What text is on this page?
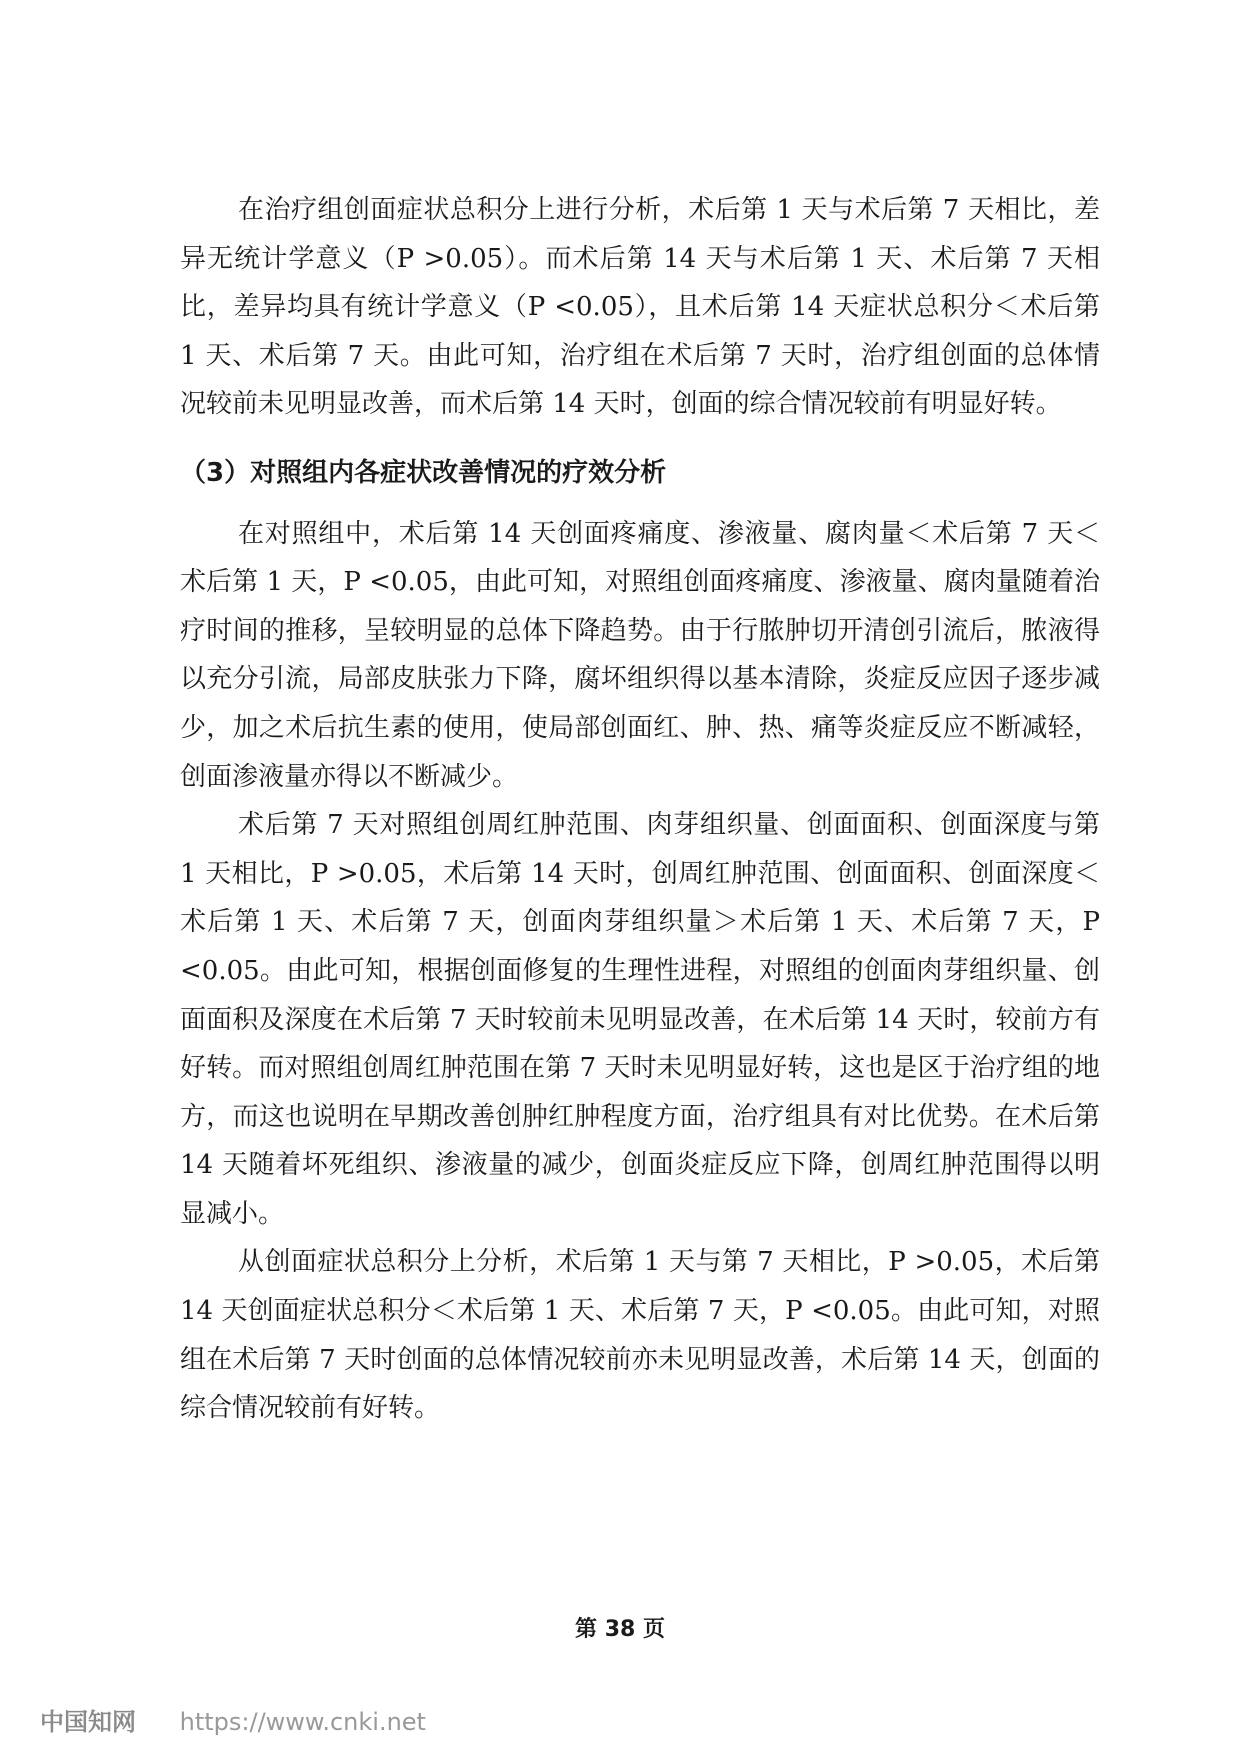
在治疗组创面症状总积分上进行分析，术后第 1 天与术后第 7 天相比，差异无统计学意义（P >0.05）。而术后第 14 天与术后第 1 天、术后第 7 天相比，差异均具有统计学意义（P <0.05），且术后第 14 天症状总积分＜术后第 1 天、术后第 7 天。由此可知，治疗组在术后第 7 天时，治疗组创面的总体情况较前未见明显改善，而术后第 14 天时，创面的综合情况较前有明显好转。

（3）对照组内各症状改善情况的疗效分析

在对照组中，术后第 14 天创面疼痛度、渗液量、腐肉量＜术后第 7 天＜术后第 1 天，P <0.05，由此可知，对照组创面疼痛度、渗液量、腐肉量随着治疗时间的推移，呈较明显的总体下降趋势。由于行脓肿切开清创引流后，脓液得以充分引流，局部皮肤张力下降，腐坏组织得以基本清除，炎症反应因子逐步减少，加之术后抗生素的使用，使局部创面红、肿、热、痛等炎症反应不断减轻，创面渗液量亦得以不断减少。

术后第 7 天对照组创周红肿范围、肉芽组织量、创面面积、创面深度与第 1 天相比，P >0.05，术后第 14 天时，创周红肿范围、创面面积、创面深度＜术后第 1 天、术后第 7 天，创面肉芽组织量＞术后第 1 天、术后第 7 天，P <0.05。由此可知，根据创面修复的生理性进程，对照组的创面肉芽组织量、创面面积及深度在术后第 7 天时较前未见明显改善，在术后第 14 天时，较前方有好转。而对照组创周红肿范围在第 7 天时未见明显好转，这也是区于治疗组的地方，而这也说明在早期改善创肿红肿程度方面，治疗组具有对比优势。在术后第 14 天随着坏死组织、渗液量的减少，创面炎症反应下降，创周红肿范围得以明显减小。

从创面症状总积分上分析，术后第 1 天与第 7 天相比，P >0.05，术后第 14 天创面症状总积分＜术后第 1 天、术后第 7 天，P <0.05。由此可知，对照组在术后第 7 天时创面的总体情况较前亦未见明显改善，术后第 14 天，创面的综合情况较前有好转。

第 38 页
中国知网 https://www.cnki.net
